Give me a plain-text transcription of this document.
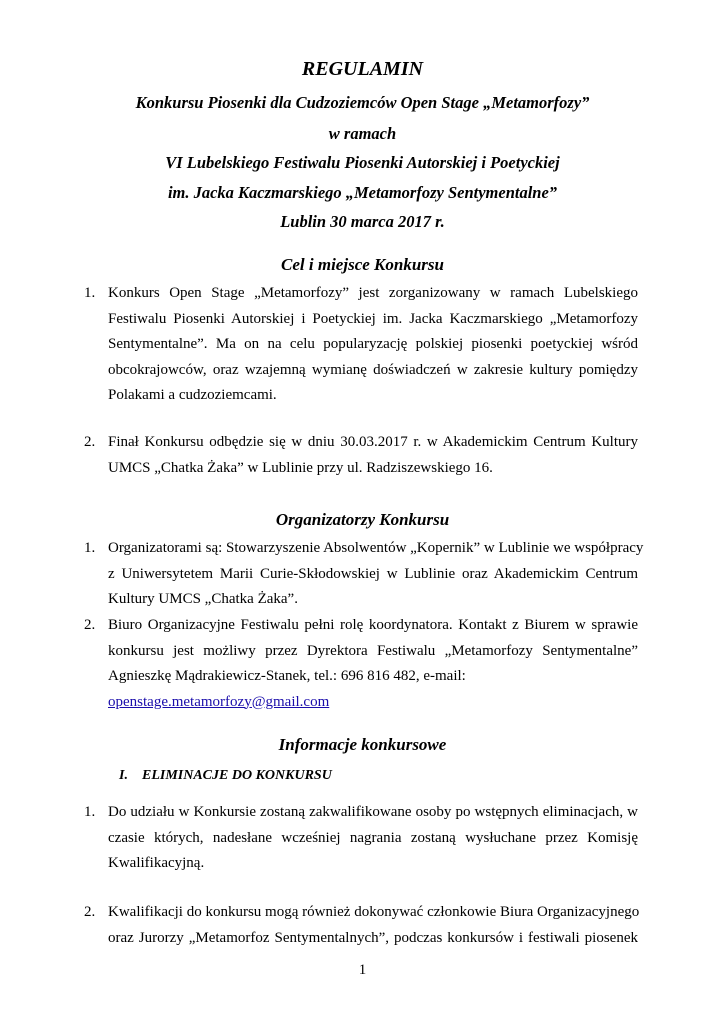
REGULAMIN
Konkursu Piosenki dla Cudzoziemców Open Stage „Metamorfozy”
w ramach
VI Lubelskiego Festiwalu Piosenki Autorskiej i Poetyckiej
im. Jacka Kaczmarskiego „Metamorfozy Sentymentalne”
Lublin 30 marca 2017 r.
Cel i miejsce Konkursu
1. Konkurs Open Stage „Metamorfozy” jest zorganizowany w ramach Lubelskiego
Festiwalu Piosenki Autorskiej i Poetyckiej im. Jacka Kaczmarskiego „Metamorfozy
Sentymentalne”. Ma on na celu popularyzację polskiej piosenki poetyckiej wśród
obcokrajowców, oraz wzajemną wymianę doświadczeń w zakresie kultury pomiędzy
Polakami a cudzoziemcami.
2. Finał Konkursu odbędzie się w dniu 30.03.2017 r. w Akademickim Centrum Kultury
UMCS „Chatka Żaka” w Lublinie przy ul. Radziszewskiego 16.
Organizatorzy Konkursu
1. Organizatorami są: Stowarzyszenie Absolwentów „Kopernik” w Lublinie we współpracy
z Uniwersytetem Marii Curie-Skłodowskiej w Lublinie oraz Akademickim Centrum
Kultury UMCS „Chatka Żaka”.
2. Biuro Organizacyjne Festiwalu pełni rolę koordynatora. Kontakt z Biurem w sprawie
konkursu jest możliwy przez Dyrektora Festiwalu „Metamorfozy Sentymentalne”
Agnieszkę Mądrakiewicz-Stanek, tel.: 696 816 482, e-mail:
openstage.metamorfozy@gmail.com
Informacje konkursowe
I. ELIMINACJE DO KONKURSU
1. Do udziału w Konkursie zostaną zakwalifikowane osoby po wstępnych eliminacjach, w
czasie których, nadesłane wcześniej nagrania zostaną wysłuchane przez Komisję
Kwalifikacyjną.
2. Kwalifikacji do konkursu mogą również dokonywać członkowie Biura Organizacyjnego
oraz Jurorzy „Metamorfoz Sentymentalnych”, podczas konkursów i festiwali piosenek
1
